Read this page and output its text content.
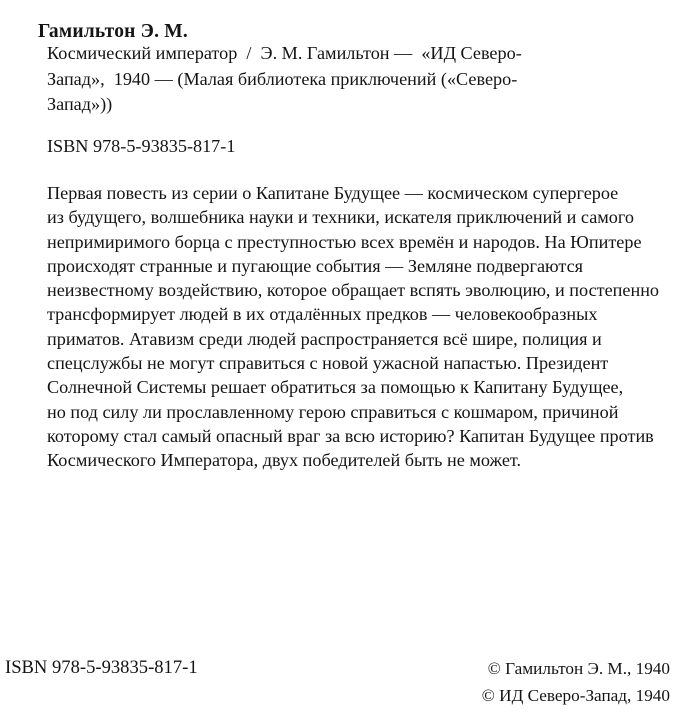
Гамильтон Э. М.
Космический император  /  Э. М. Гамильтон —  «ИД Северо-
Запад»,  1940 — (Малая библиотека приключений («Северо-
Запад»))
ISBN 978-5-93835-817-1
Первая повесть из серии о Капитане Будущее — космическом супергерое
из будущего, волшебника науки и техники, искателя приключений и самого
непримиримого борца с преступностью всех времён и народов. На Юпитере
происходят странные и пугающие события — Земляне подвергаются
неизвестному воздействию, которое обращает вспять эволюцию, и постепенно
трансформирует людей в их отдалённых предков — человекообразных
приматов. Атавизм среди людей распространяется всё шире, полиция и
спецслужбы не могут справиться с новой ужасной напастью. Президент
Солнечной Системы решает обратиться за помощью к Капитану Будущее,
но под силу ли прославленному герою справиться с кошмаром, причиной
которому стал самый опасный враг за всю историю? Капитан Будущее против
Космического Императора, двух победителей быть не может.
ISBN 978-5-93835-817-1	© Гамильтон Э. М., 1940
© ИД Северо-Запад, 1940
